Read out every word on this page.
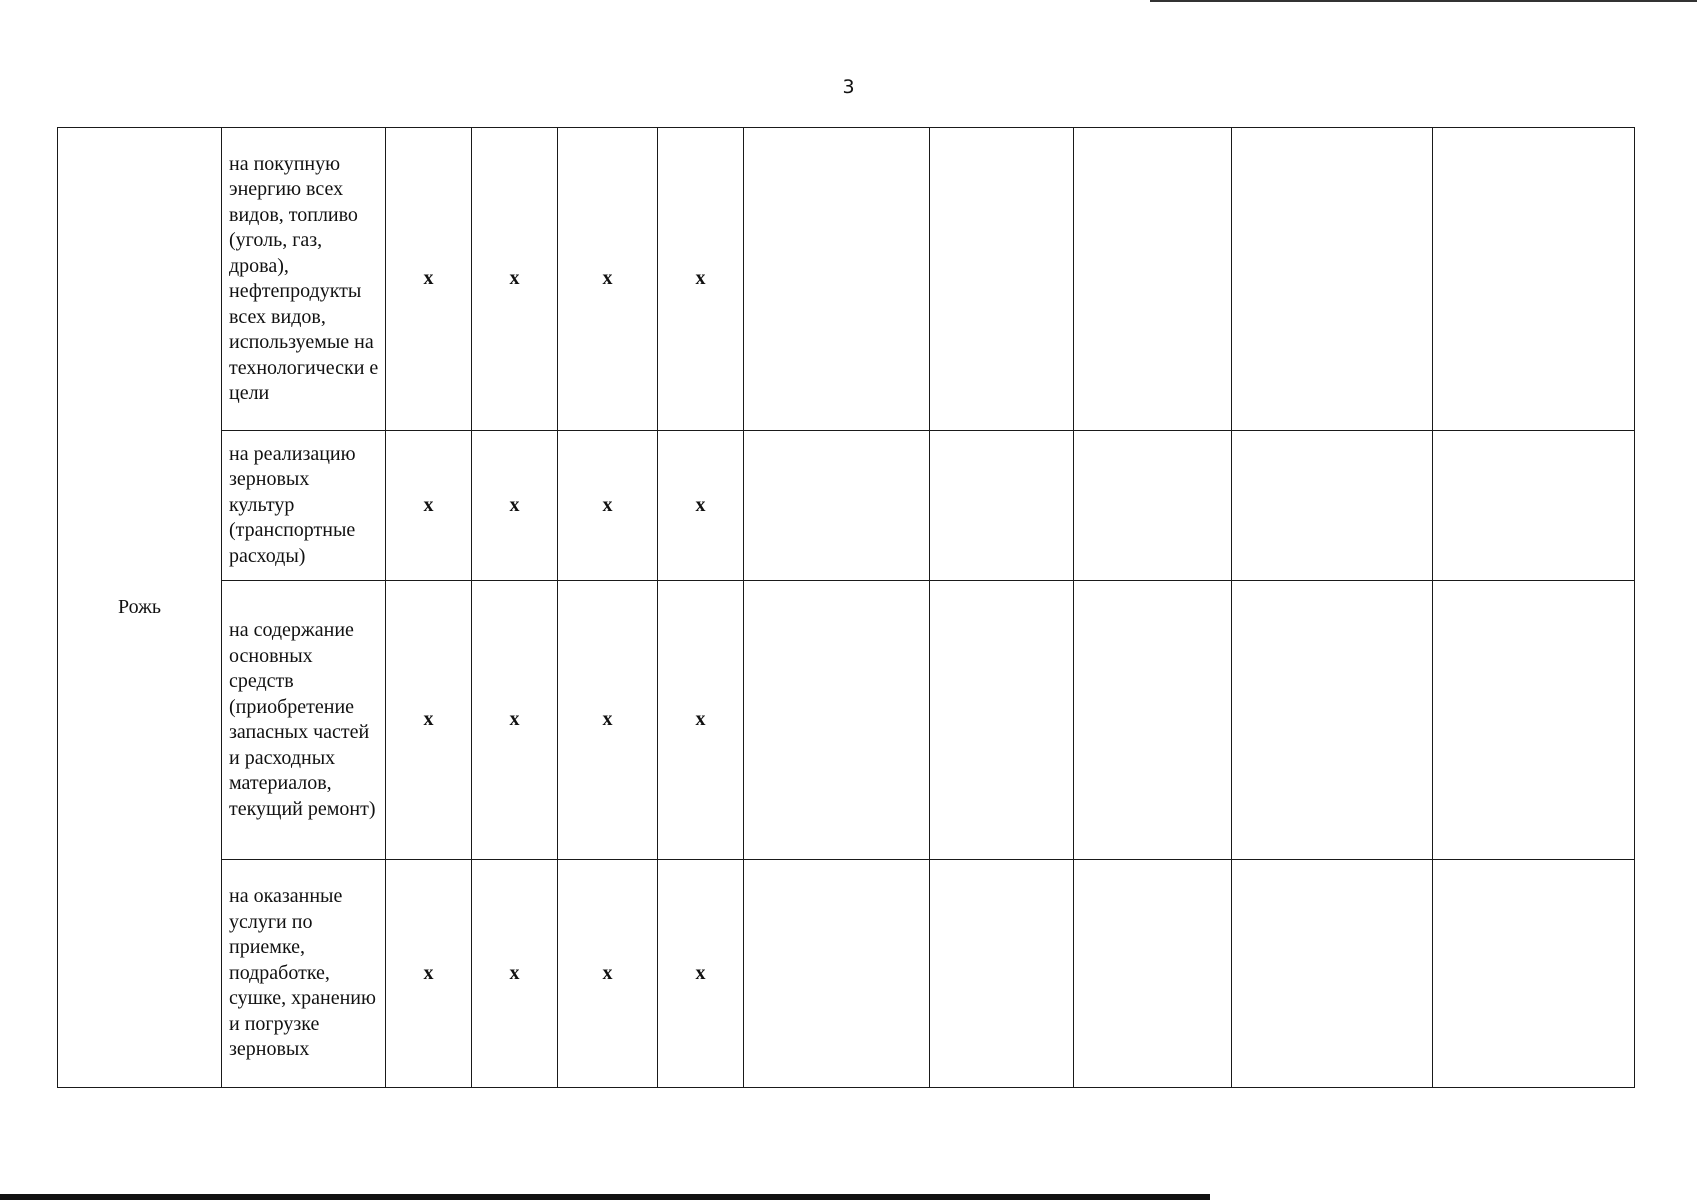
3
Рожь	на покупную энергию всех видов, топливо (уголь, газ, дрова), нефтепродукты всех видов, используемые на технологически е цели	х	х	х	х					
	на реализацию зерновых культур (транспортные расходы)	х	х	х	х					
	на содержание основных средств (приобретение запасных частей и расходных материалов, текущий ремонт)	х	х	х	х					
	на оказанные услуги по приемке, подработке, сушке, хранению и погрузке зерновых	х	х	х	х					
